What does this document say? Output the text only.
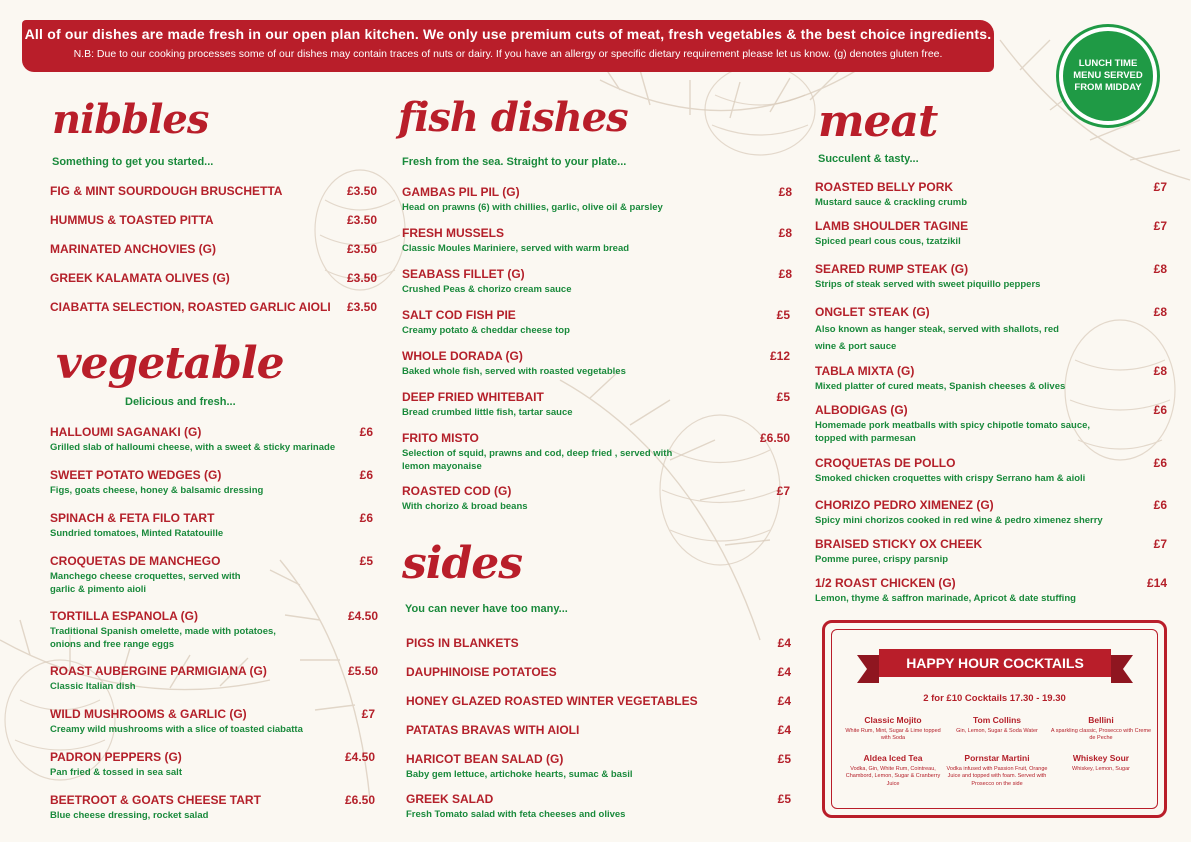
All of our dishes are made fresh in our open plan kitchen. We only use premium cuts of meat, fresh vegetables & the best choice ingredients.
N.B: Due to our cooking processes some of our dishes may contain traces of nuts or dairy. If you have an allergy or specific dietary requirement please let us know. (g) denotes gluten free.
LUNCH TIME MENU SERVED FROM MIDDAY
nibbles
Something to get you started...
FIG & MINT SOURDOUGH BRUSCHETTA	£3.50
HUMMUS & TOASTED PITTA	£3.50
MARINATED ANCHOVIES (G)	£3.50
GREEK KALAMATA OLIVES (G)	£3.50
CIABATTA SELECTION, ROASTED GARLIC AIOLI	£3.50
vegetable
Delicious and fresh...
HALLOUMI SAGANAKI (G)
Grilled slab of halloumi cheese, with a sweet & sticky marinade
£6
SWEET POTATO WEDGES (G)
Figs, goats cheese, honey & balsamic dressing
£6
SPINACH & FETA FILO TART
Sundried tomatoes, Minted Ratatouille
£6
CROQUETAS DE MANCHEGO
Manchego cheese croquettes, served with garlic & pimento aioli
£5
TORTILLA ESPANOLA (G)
Traditional Spanish omelette, made with potatoes, onions and free range eggs
£4.50
ROAST AUBERGINE PARMIGIANA (G)
Classic Italian dish
£5.50
WILD MUSHROOMS & GARLIC (G)
Creamy wild mushrooms with a slice of toasted ciabatta
£7
PADRON PEPPERS (G)
Pan fried & tossed in sea salt
£4.50
BEETROOT & GOATS CHEESE TART
Blue cheese dressing, rocket salad
£6.50
fish dishes
Fresh from the sea. Straight to your plate...
GAMBAS PIL PIL (G)
Head on prawns (6) with chillies, garlic, olive oil & parsley
£8
FRESH MUSSELS
Classic Moules Mariniere, served with warm bread
£8
SEABASS FILLET (G)
Crushed Peas & chorizo cream sauce
£8
SALT COD FISH PIE
Creamy potato & cheddar cheese top
£5
WHOLE DORADA (G)
Baked whole fish, served with roasted vegetables
£12
DEEP FRIED WHITEBAIT
Bread crumbed little fish, tartar sauce
£5
FRITO MISTO
Selection of squid, prawns and cod, deep fried , served with lemon mayonaise
£6.50
ROASTED COD (G)
With chorizo & broad beans
£7
sides
You can never have too many...
PIGS IN BLANKETS	£4
DAUPHINOISE POTATOES	£4
HONEY GLAZED ROASTED WINTER VEGETABLES	£4
PATATAS BRAVAS WITH AIOLI	£4
HARICOT BEAN SALAD (G)
Baby gem lettuce, artichoke hearts, sumac & basil
£5
GREEK SALAD
Fresh Tomato salad with feta cheeses and olives
£5
meat
Succulent & tasty...
ROASTED BELLY PORK
Mustard sauce & crackling crumb
£7
LAMB SHOULDER TAGINE
Spiced pearl cous cous, tzatzikil
£7
SEARED RUMP STEAK (G)
Strips of steak served with sweet piquillo peppers
£8
ONGLET STEAK (G)
Also known as hanger steak, served with shallots, red wine & port sauce
£8
TABLA MIXTA (G)
Mixed platter of cured meats, Spanish cheeses & olives
£8
ALBODIGAS (G)
Homemade pork meatballs with spicy chipotle tomato sauce, topped with parmesan
£6
CROQUETAS DE POLLO
Smoked chicken croquettes with crispy Serrano ham & aioli
£6
CHORIZO PEDRO XIMENEZ (G)
Spicy mini chorizos cooked in red wine & pedro ximenez sherry
£6
BRAISED STICKY OX CHEEK
Pomme puree, crispy parsnip
£7
1/2 ROAST CHICKEN (G)
Lemon, thyme & saffron marinade, Apricot & date stuffing
£14
HAPPY HOUR COCKTAILS
2 for £10 Cocktails 17.30 - 19.30
Classic Mojito
White Rum, Mint, Sugar & Lime topped with Soda
Tom Collins
Gin, Lemon, Sugar & Soda Water
Bellini
A sparkling classic, Prosecco with Creme de Peche
Aldea Iced Tea
Vodka, Gin, White Rum, Cointreau, Chambord, Lemon, Sugar & Cranberry Juice
Pornstar Martini
Vodka infused with Passion Fruit, Orange Juice and topped with foam. Served with Prosecco on the side
Whiskey Sour
Whiskey, Lemon, Sugar
